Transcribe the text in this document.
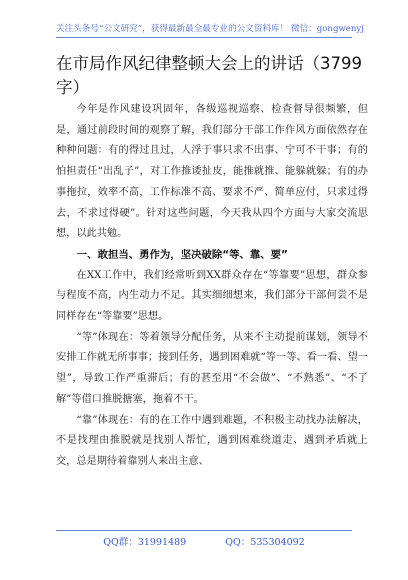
关注头条号“公文研究”，获得最新最全最专业的公文资料库！ 微信：gongwenyj
在市局作风纪律整顿大会上的讲话（3799字）

今年是作风建设巩固年，各级巡视巡察、检查督导很频繁，但是，通过前段时间的观察了解，我们部分干部工作作风方面依然存在种种问题：有的得过且过，人浮于事只求不出事、宁可不干事；有的怕担责任“出乱子”，对工作推诿扯皮，能推就推、能躲就躲；有的办事拖拉，效率不高，工作标准不高、要求不严、简单应付，只求过得去，不求过得硬”。针对这些问题，今天我从四个方面与大家交流思想，以此共勉。

一、敢担当、勇作为，坚决破除“等、靠、要”

在XX工作中，我们经常听到XX群众存在“等靠要”思想，群众参与程度不高，内生动力不足。其实细细想来，我们部分干部何尝不是同样存在“等靠要”思想。

“等”体现在：等着领导分配任务，从来不主动提前谋划，领导不安排工作就无所事事；接到任务，遇到困难就“等一等、看一看、望一望”，导致工作严重滞后；有的甚至用“不会做”、“不熟悉”、“不了解”等借口推脱搪塞，拖着不干。

“靠”体现在：有的在工作中遇到难题，不积极主动找办法解决，不是找理由推脱就是找别人帮忙，遇到困难绕道走、遇到矛盾就上交，总是期待着靠别人来出主意、

QQ群：31991489	QQ：535304092
